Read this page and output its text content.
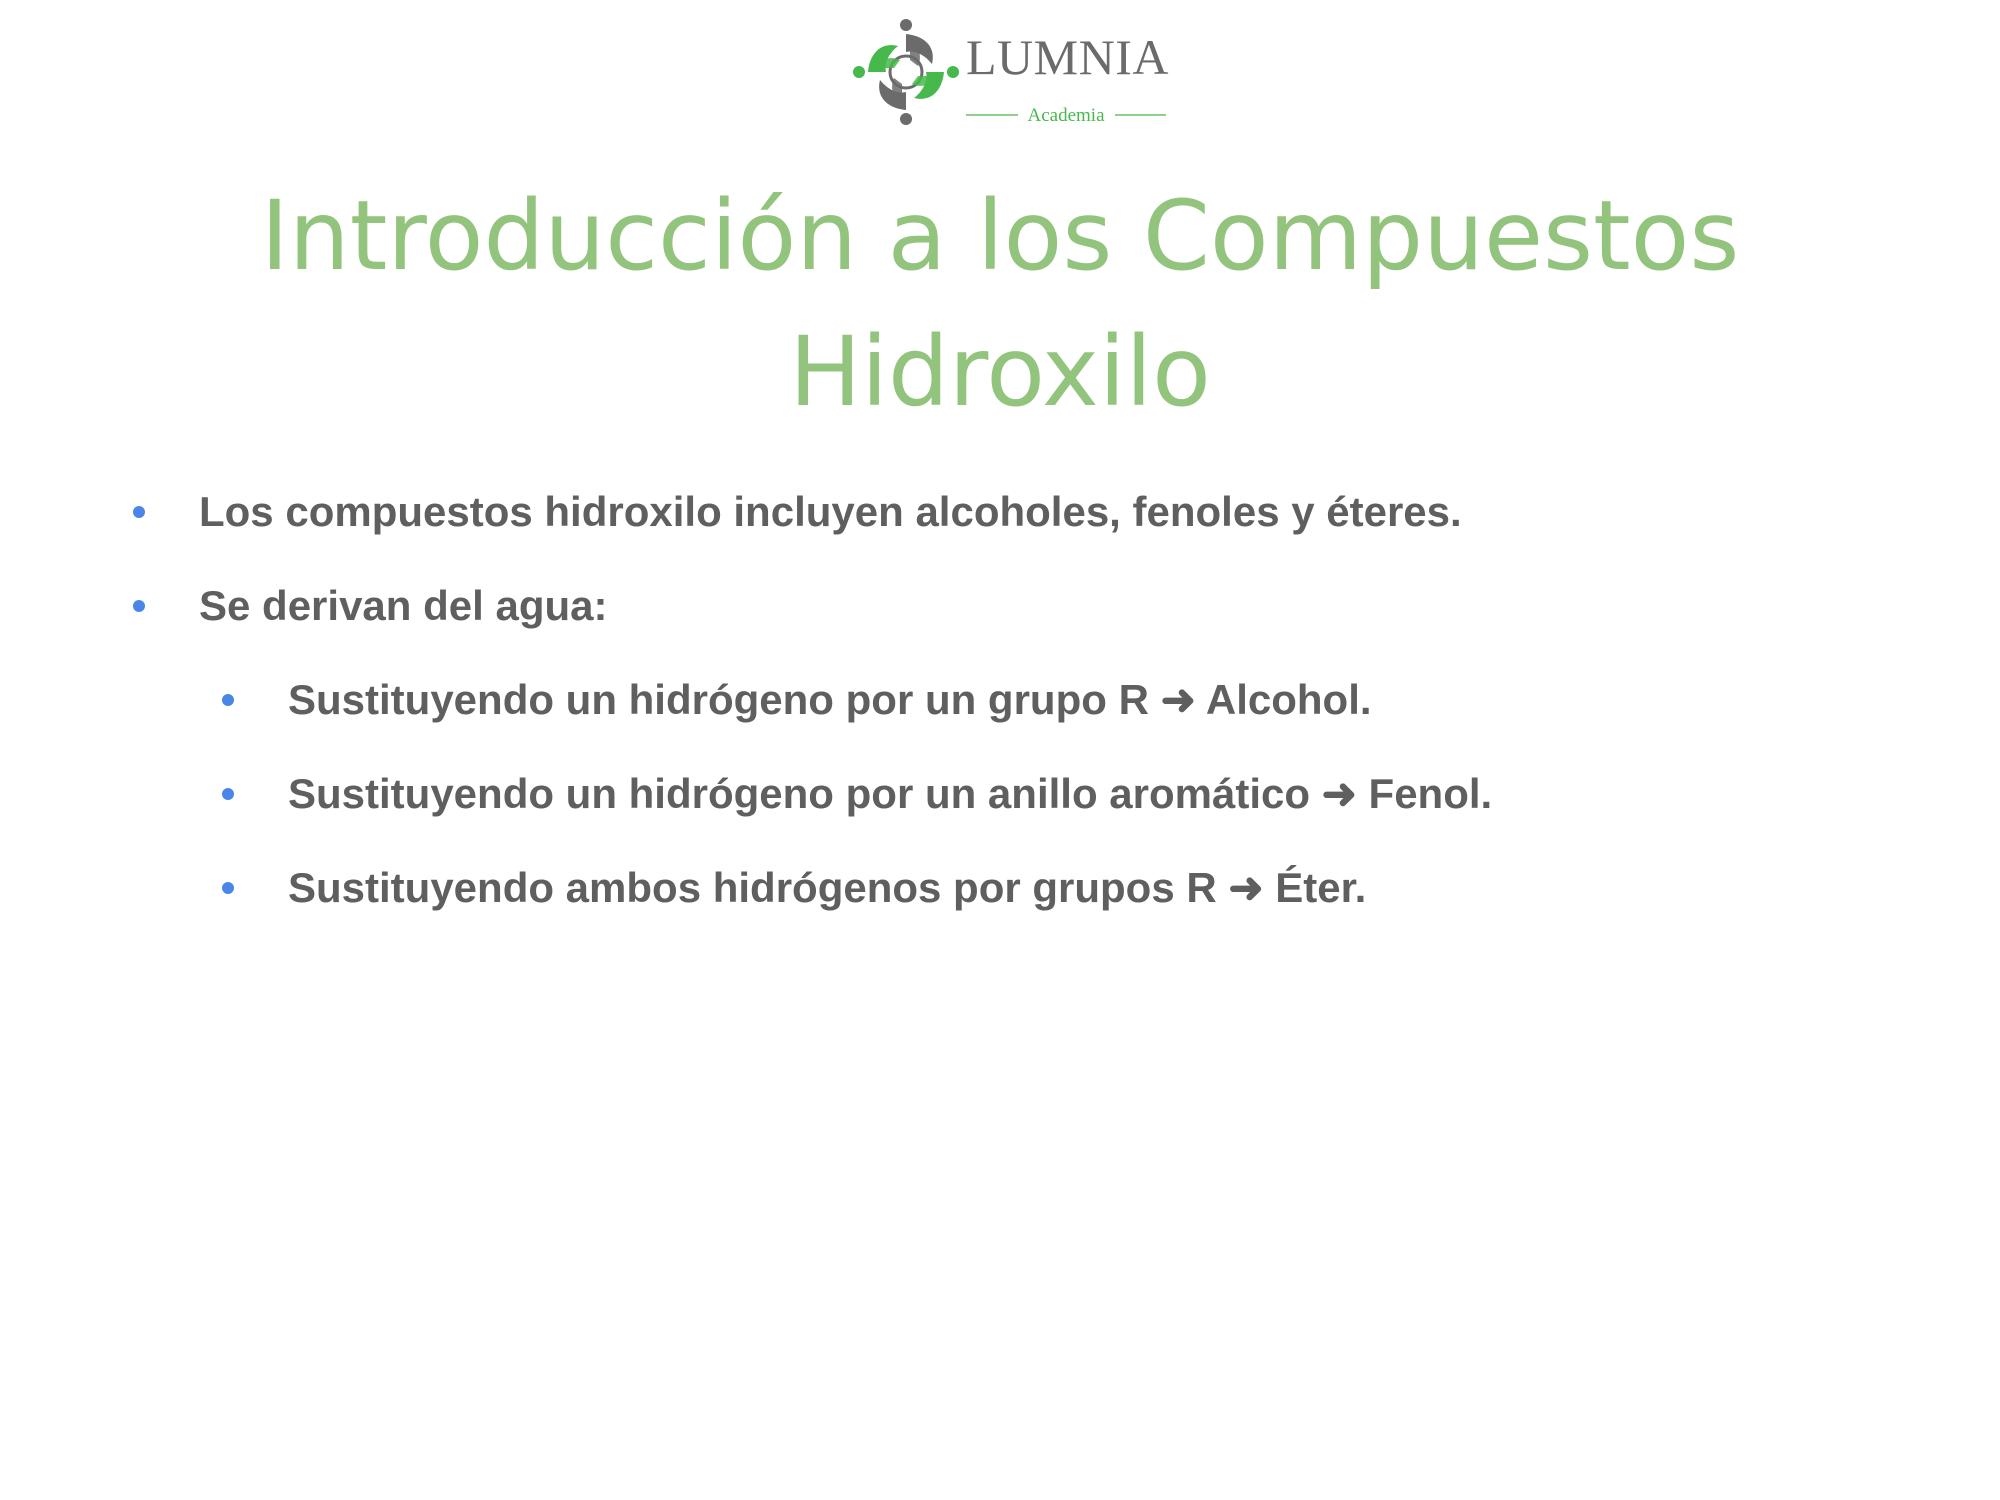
LUMNIA
Academia
Introducción a los Compuestos
Hidroxilo
Los compuestos hidroxilo incluyen alcoholes, fenoles y éteres.
Se derivan del agua:
Sustituyendo un hidrógeno por un grupo R ➜ Alcohol.
Sustituyendo un hidrógeno por un anillo aromático ➜ Fenol.
Sustituyendo ambos hidrógenos por grupos R ➜ Éter.
